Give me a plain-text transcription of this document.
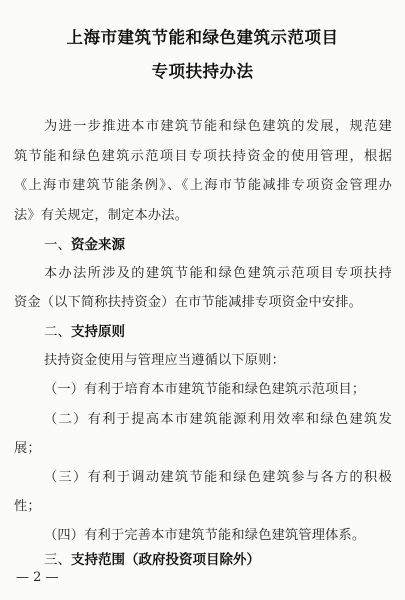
上海市建筑节能和绿色建筑示范项目
专项扶持办法
为进一步推进本市建筑节能和绿色建筑的发展，规范建
筑节能和绿色建筑示范项目专项扶持资金的使用管理，根据
《上海市建筑节能条例》、《上海市节能减排专项资金管理办
法》有关规定，制定本办法。
一、资金来源
本办法所涉及的建筑节能和绿色建筑示范项目专项扶持
资金（以下简称扶持资金）在市节能减排专项资金中安排。
二、支持原则
扶持资金使用与管理应当遵循以下原则：
（一）有利于培育本市建筑节能和绿色建筑示范项目；
（二）有利于提高本市建筑能源利用效率和绿色建筑发
展；
（三）有利于调动建筑节能和绿色建筑参与各方的积极
性；
（四）有利于完善本市建筑节能和绿色建筑管理体系。
三、支持范围（政府投资项目除外）
— 2 —
